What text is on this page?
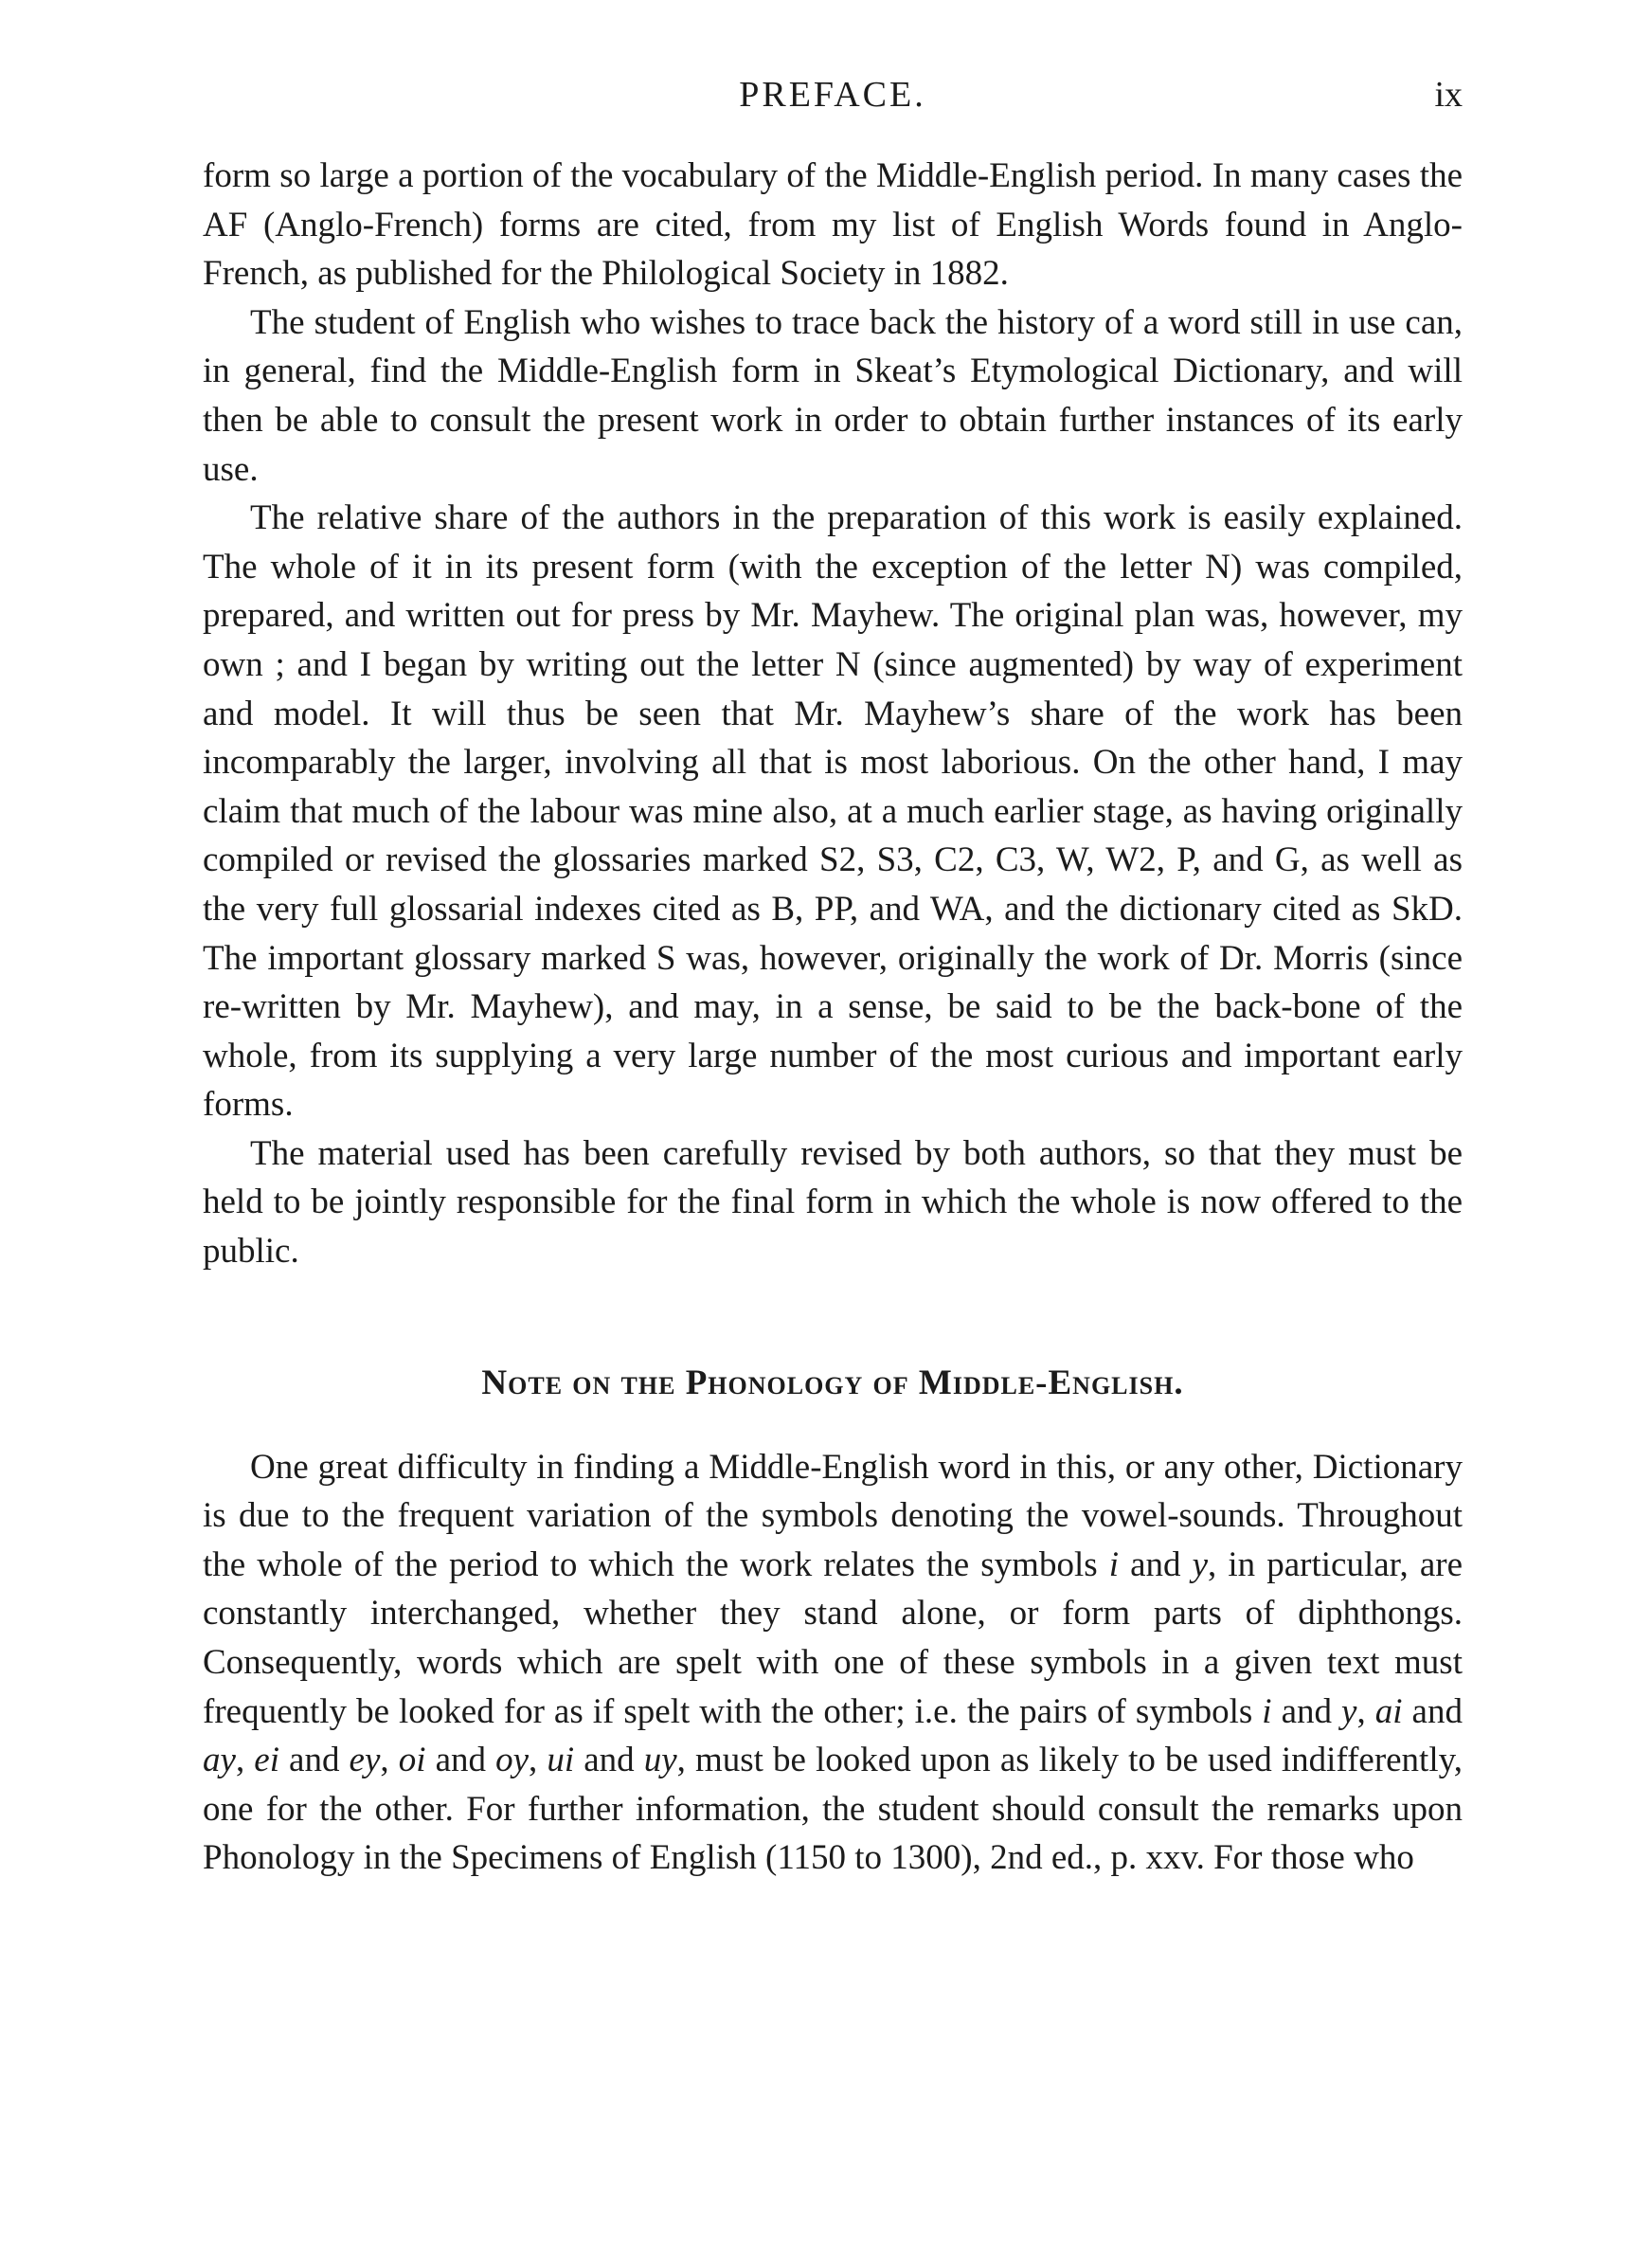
PREFACE.	ix

form so large a portion of the vocabulary of the Middle-English period. In many cases the AF (Anglo-French) forms are cited, from my list of English Words found in Anglo-French, as published for the Philological Society in 1882.

The student of English who wishes to trace back the history of a word still in use can, in general, find the Middle-English form in Skeat’s Etymological Dictionary, and will then be able to consult the present work in order to obtain further instances of its early use.

The relative share of the authors in the preparation of this work is easily explained. The whole of it in its present form (with the exception of the letter N) was compiled, prepared, and written out for press by Mr. Mayhew. The original plan was, however, my own ; and I began by writing out the letter N (since augmented) by way of experiment and model. It will thus be seen that Mr. Mayhew’s share of the work has been incomparably the larger, involving all that is most laborious. On the other hand, I may claim that much of the labour was mine also, at a much earlier stage, as having originally compiled or revised the glossaries marked S2, S3, C2, C3, W, W2, P, and G, as well as the very full glossarial indexes cited as B, PP, and WA, and the dictionary cited as SkD. The important glossary marked S was, however, originally the work of Dr. Morris (since re-written by Mr. Mayhew), and may, in a sense, be said to be the back-bone of the whole, from its supplying a very large number of the most curious and important early forms.

The material used has been carefully revised by both authors, so that they must be held to be jointly responsible for the final form in which the whole is now offered to the public.

Note on the Phonology of Middle-English.

One great difficulty in finding a Middle-English word in this, or any other, Dictionary is due to the frequent variation of the symbols denoting the vowel-sounds. Throughout the whole of the period to which the work relates the symbols i and y, in particular, are constantly interchanged, whether they stand alone, or form parts of diphthongs. Consequently, words which are spelt with one of these symbols in a given text must frequently be looked for as if spelt with the other; i.e. the pairs of symbols i and y, ai and ay, ei and ey, oi and oy, ui and uy, must be looked upon as likely to be used indifferently, one for the other. For further information, the student should consult the remarks upon Phonology in the Specimens of English (1150 to 1300), 2nd ed., p. xxv. For those who
